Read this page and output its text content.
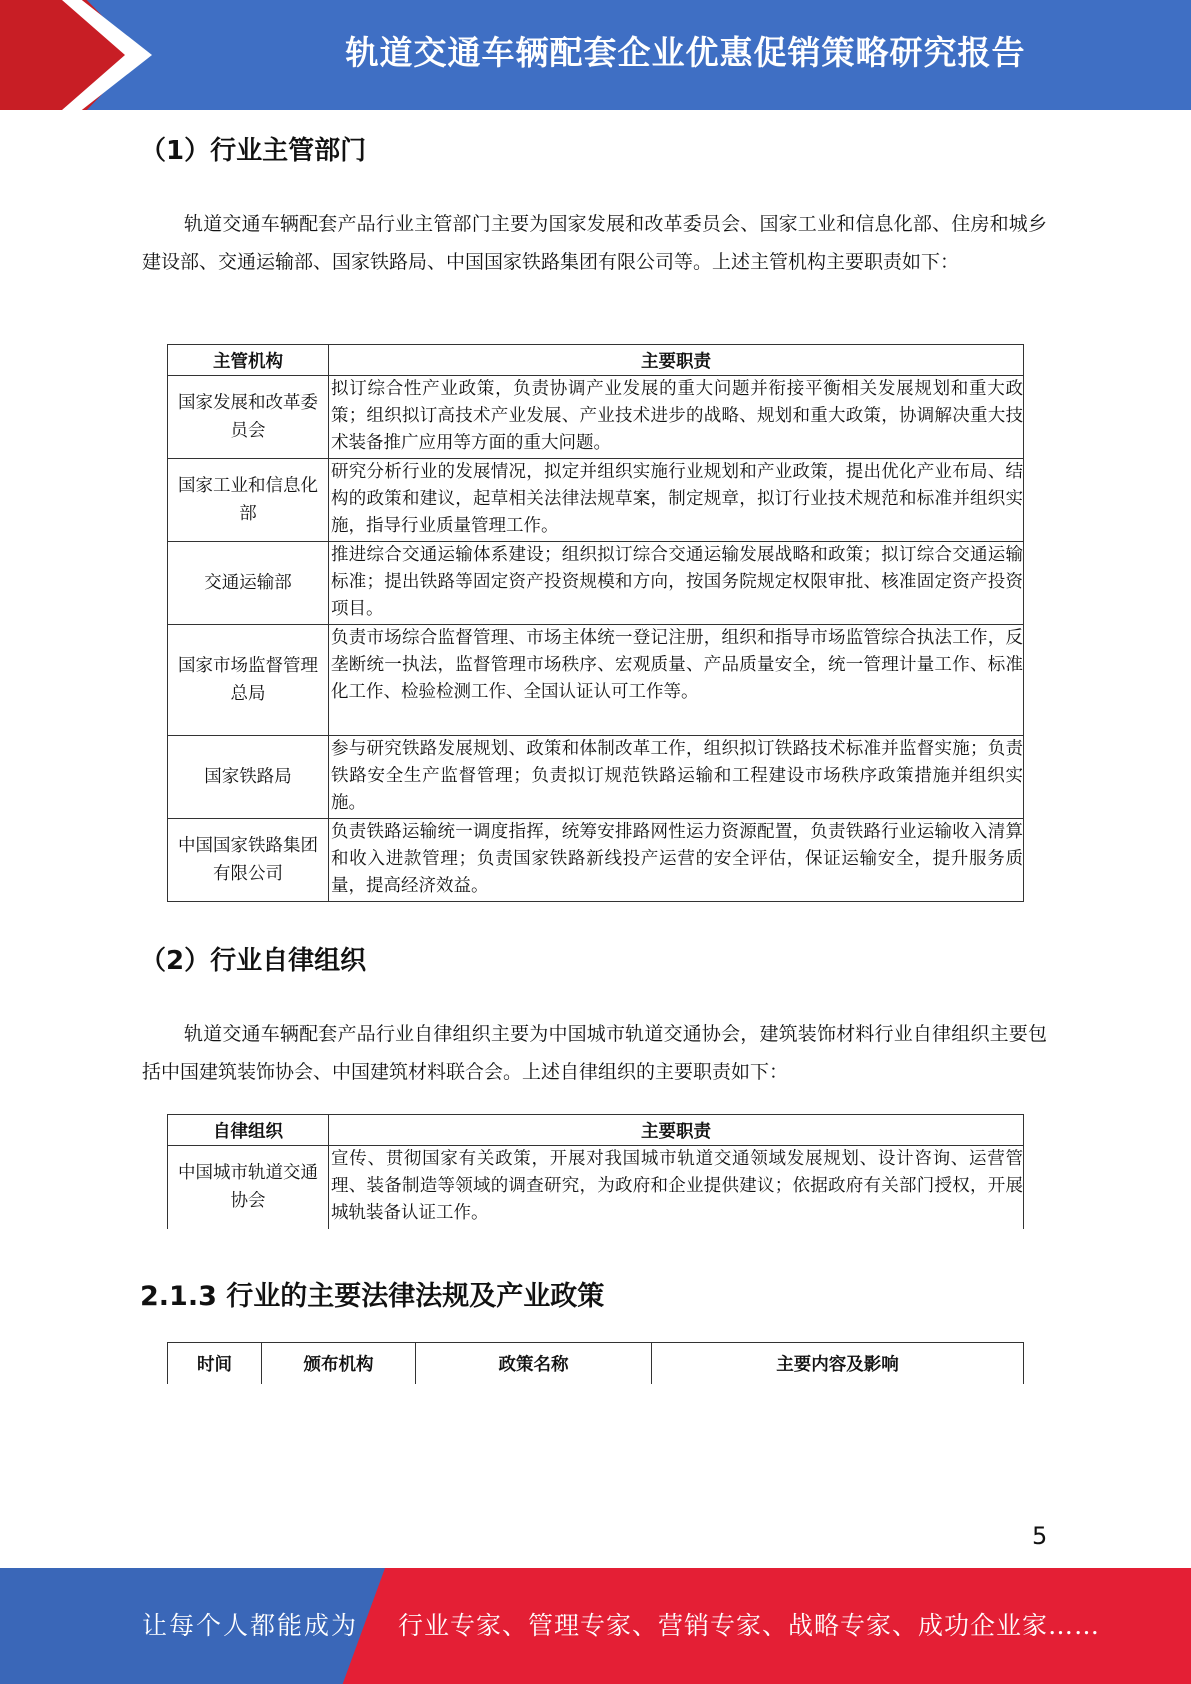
轨道交通车辆配套企业优惠促销策略研究报告
（1）行业主管部门
轨道交通车辆配套产品行业主管部门主要为国家发展和改革委员会、国家工业和信息化部、住房和城乡建设部、交通运输部、国家铁路局、中国国家铁路集团有限公司等。上述主管机构主要职责如下：
主管机构	主要职责
国家发展和改革委员会	拟订综合性产业政策，负责协调产业发展的重大问题并衔接平衡相关发展规划和重大政策；组织拟订高技术产业发展、产业技术进步的战略、规划和重大政策，协调解决重大技术装备推广应用等方面的重大问题。
国家工业和信息化部	研究分析行业的发展情况，拟定并组织实施行业规划和产业政策，提出优化产业布局、结构的政策和建议，起草相关法律法规草案，制定规章，拟订行业技术规范和标准并组织实施，指导行业质量管理工作。
交通运输部	推进综合交通运输体系建设；组织拟订综合交通运输发展战略和政策；拟订综合交通运输标准；提出铁路等固定资产投资规模和方向，按国务院规定权限审批、核准固定资产投资项目。
国家市场监督管理总局	负责市场综合监督管理、市场主体统一登记注册，组织和指导市场监管综合执法工作，反垄断统一执法，监督管理市场秩序、宏观质量、产品质量安全，统一管理计量工作、标准化工作、检验检测工作、全国认证认可工作等。
国家铁路局	参与研究铁路发展规划、政策和体制改革工作，组织拟订铁路技术标准并监督实施；负责铁路安全生产监督管理；负责拟订规范铁路运输和工程建设市场秩序政策措施并组织实施。
中国国家铁路集团有限公司	负责铁路运输统一调度指挥，统筹安排路网性运力资源配置，负责铁路行业运输收入清算和收入进款管理；负责国家铁路新线投产运营的安全评估，保证运输安全，提升服务质量，提高经济效益。
（2）行业自律组织
轨道交通车辆配套产品行业自律组织主要为中国城市轨道交通协会，建筑装饰材料行业自律组织主要包括中国建筑装饰协会、中国建筑材料联合会。上述自律组织的主要职责如下：
自律组织	主要职责
中国城市轨道交通协会	宣传、贯彻国家有关政策，开展对我国城市轨道交通领域发展规划、设计咨询、运营管理、装备制造等领域的调查研究，为政府和企业提供建议；依据政府有关部门授权，开展城轨装备认证工作。
2.1.3 行业的主要法律法规及产业政策
时间	颁布机构	政策名称	主要内容及影响
5
让每个人都能成为 行业专家、管理专家、营销专家、战略专家、成功企业家……
